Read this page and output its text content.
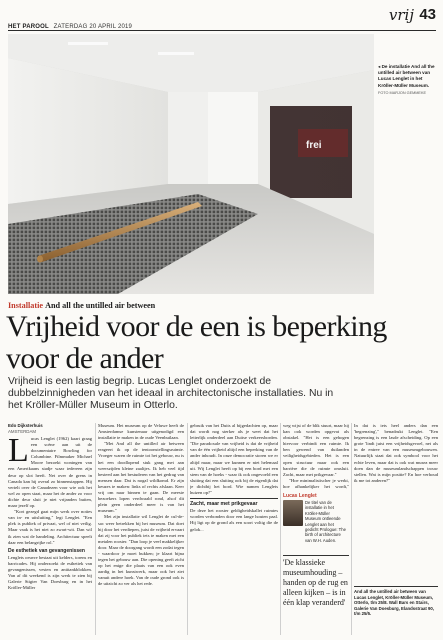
HET PAROOL ZATERDAG 20 APRIL 2019
vrij 43
frei
◂ De installatie And all the untilled air between van Lucas Lenglet in het Kröller-Müller Museum.
FOTO MARJON GEMMEKE
Installatie And all the untilled air between
Vrijheid voor de een is beperking voor de ander
Vrijheid is een lastig begrip. Lucas Lenglet onderzoekt de dubbelzinnigheden van het ideaal in architectonische installaties. Nu in het Kröller-Müller Museum in Otterlo.
Edo Dijksterhuis
AMSTERDAM
L ucas Lenglet (1962) kaart graag een scène aan uit de documentaire Bowling for Columbine. Filmmaker Michael Moore bezoekt woningen van een Amerikaans stadje waar iedereen zijn deur op slot heeft. Net over de grens in Canada kan hij overal zo binnenstappen. Hij vertelt over de Canadezen voor wie ook het wel zo open staat, maar het de ander zo voor dichte deur sluit je niet vrijanden buiten, maar jezelf op.

"Kort gezegd gaat mijn werk over noties van in- en uitsluiting," legt Lenglet. "Een plek is publiek of privaat, wel of niet veilig. Maar vaak is het niet zo zwart-wit. Dan wil ik zien wat de handeling. Architectuur speelt daar een belangrijke rol."

De esthetiek van gevangenissen

Lenglets oeuvre bestaat uit kelders, torens en barricades. Hij onderzoekt de esthetiek van gevangenissen, vesten en antitankblokken. Van af dit weekend is zijn werk te zien bij Galerie Stigter Van Doesburg en in het Kröller-Müller

Museum. Het museum op de Veluwe heeft de Amsterdamse kunstenaar uitgenodigd een installatie te maken in de oude Veenbuilaan.

"Met And all the untilled air between reageert ik op de tentoonstellingsruimte. Vroeger waren de ruimte tot het gebouw, nu is het een doodlopend stuk gang met aan weerszijden kleine zaaltjes. Ik heb veel tijd besteed aan het bestuderen van het gedrag van mensen daar. Dat is nogal wildkomd. Er zijn keuzes te maken: links of rechts afslaan. Keer vrij om naar binnen te gaan. De meeste bezoekers lopen verdwaald rond, alsof dit plein geen onderdeel meer is van het museum."

Met zijn installatie wil Lenglet de cul-de-sac weer betrekken bij het museum. Dat doet hij door het verdiepen, juist de vrijheid ervaart dat zij voor het publiek iets te maken met een metalen rooster. "Dan loop je veel makkelijker door. Maar de doorgang wordt een zodat tegen - waardoor je moet bukken; je klaart bijna tegen het gebouw aan. Die opening geeft zicht op het enige die plaats van een ook even aardig in het kunstwerk, maar ook het ziet vanuit andere hoek. Van de oude grond ook is de uitzicht zo ver als het rede.

gebruik van het Duits al bijgedachten op, maar dat wordt nog sterker als je weet dat het letterlijk onderdeel aan Duitse verkeersborden. "Die paradoxale van vrijheid is dat de vrijheid van de één vrijheid altijd een beperking van de ander inhoudt. In onze democratie storen we er altijd maar, maar we kunnen er niet helemaal uit. Wij Lenglet heeft op bij een bord met een stem van de hoeks - waar ik ook ongevoeld een sluiting dat een sluiting ook bij de eigenlijk dat je dichtbij het bord. Wie namen Lenglets huizen op?"

Zacht, maar met prikgevaar

De deze het rooster geldigheidskallet ruimtes worden verbonden door een lange houten paal. Hij ligt op de grond als een soort voltig die de gelok...

weg wijst of de blik stuurt, maar hij kan ook worden opgevat als obstakel. "Het is een gehogen hiervoor verbindt een ruimte. Ik ben gewend van duilanden veiligheidsgebieden. Het is een open structuur maar ook een barrière die de ruimte omsluit. Zacht, maar met prikgevaar."

"Hoe minimalistischer je werkt, hoe afhankelijker het wordt,"

Lucas Lenglet
De titel van de installatie in het Kröller-Müller Museum ontleende Lenglet aan het gedicht Prologue: The birth of architecture van W.H. Auden.
'De klassieke museumhouding – handen op de rug en alleen kijken – is in één klap veranderd'

In dat is iets heel anders dan een 'begrenzing'," benadrukt Lenglet. "Een begrenzing is een lasde afscheiding. Op een grote 'lindt juist een vrijheidsgevoel, net als in de entree van een museumgebouwen. Natuurlijk staat dat ook symbool voor het echte leven, maar dat is ook wat musea meer doen dan de museumlandschappen trouw stellen. Wat is mijn positie? En hoe verhoud ik me tot anderen?"

And all the untilled air between van Lucas Lenglet, Kröller-Müller Museum, Otterlo, t/m 25/8. Wall Bars en Stairs, Galerie Van Doesburg, Elandsstraat 90, t/m 25/5.
